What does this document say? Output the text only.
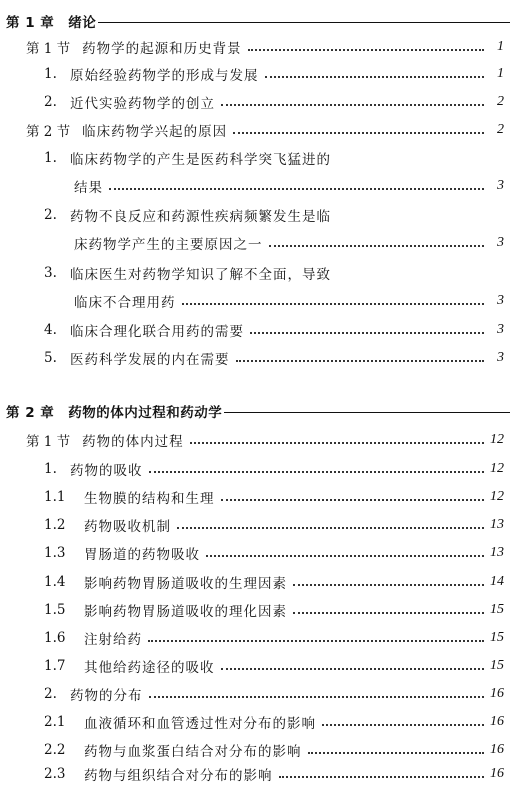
第 1 章 绪论
第 1 节 药物学的起源和历史背景	1
1. 原始经验药物学的形成与发展	1
2. 近代实验药物学的创立	2
第 2 节 临床药物学兴起的原因	2
1. 临床药物学的产生是医药科学突飞猛进的
结果	3
2. 药物不良反应和药源性疾病频繁发生是临
床药物学产生的主要原因之一	3
3. 临床医生对药物学知识了解不全面，导致
临床不合理用药	3
4. 临床合理化联合用药的需要	3
5. 医药科学发展的内在需要	3
第 2 章 药物的体内过程和药动学
第 1 节 药物的体内过程	12
1. 药物的吸收	12
1.1	生物膜的结构和生理	12
1.2	药物吸收机制	13
1.3	胃肠道的药物吸收	13
1.4	影响药物胃肠道吸收的生理因素	14
1.5	影响药物胃肠道吸收的理化因素	15
1.6	注射给药	15
1.7	其他给药途径的吸收	15
2. 药物的分布	16
2.1	血液循环和血管透过性对分布的影响	16
2.2	药物与血浆蛋白结合对分布的影响	16
2.3	药物与组织结合对分布的影响	16
